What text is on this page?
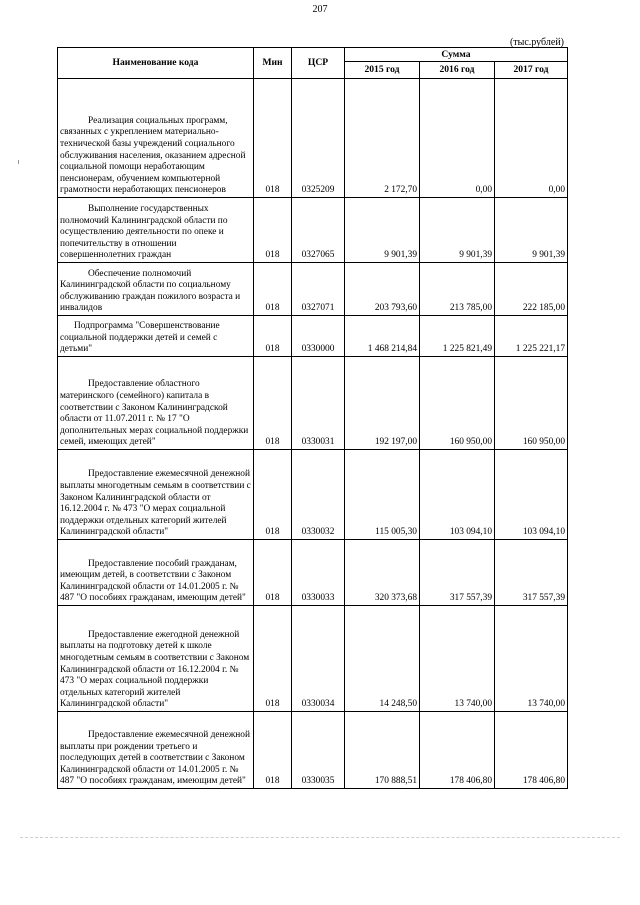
207
(тыс.рублей)
Наименование кода	Мин	ЦСР	Сумма		
			2015 год	2016 год	2017 год

Реализация социальных программ, связанных с укреплением материально-технической базы учреждений социального обслуживания населения, оказанием адресной социальной помощи неработающим пенсионерам, обучением компьютерной грамотности неработающих пенсионеров	018	0325209	2 172,70	0,00	0,00

Выполнение государственных полномочий Калининградской области по осуществлению деятельности по опеке и попечительству в отношении совершеннолетних граждан	018	0327065	9 901,39	9 901,39	9 901,39

Обеспечение полномочий Калининградской области по социальному обслуживанию граждан пожилого возраста и инвалидов	018	0327071	203 793,60	213 785,00	222 185,00

Подпрограмма "Совершенствование социальной поддержки детей и семей с детьми"	018	0330000	1 468 214,84	1 225 821,49	1 225 221,17

Предоставление областного материнского (семейного) капитала в соответствии с Законом Калининградской области от 11.07.2011 г. № 17 "О дополнительных мерах социальной поддержки семей, имеющих детей"	018	0330031	192 197,00	160 950,00	160 950,00

Предоставление ежемесячной денежной выплаты многодетным семьям в соответствии с Законом Калининградской области от 16.12.2004 г. № 473 "О мерах социальной поддержки отдельных категорий жителей Калининградской области"	018	0330032	115 005,30	103 094,10	103 094,10

Предоставление пособий гражданам, имеющим детей, в соответствии с Законом Калининградской области от 14.01.2005 г. № 487 "О пособиях гражданам, имеющим детей"	018	0330033	320 373,68	317 557,39	317 557,39

Предоставление ежегодной денежной выплаты на подготовку детей к школе многодетным семьям в соответствии с Законом Калининградской области от 16.12.2004 г. № 473 "О мерах социальной поддержки отдельных категорий жителей Калининградской области"	018	0330034	14 248,50	13 740,00	13 740,00

Предоставление ежемесячной денежной выплаты при рождении третьего и последующих детей в соответствии с Законом Калининградской области от 14.01.2005 г. № 487 "О пособиях гражданам, имеющим детей"	018	0330035	170 888,51	178 406,80	178 406,80
